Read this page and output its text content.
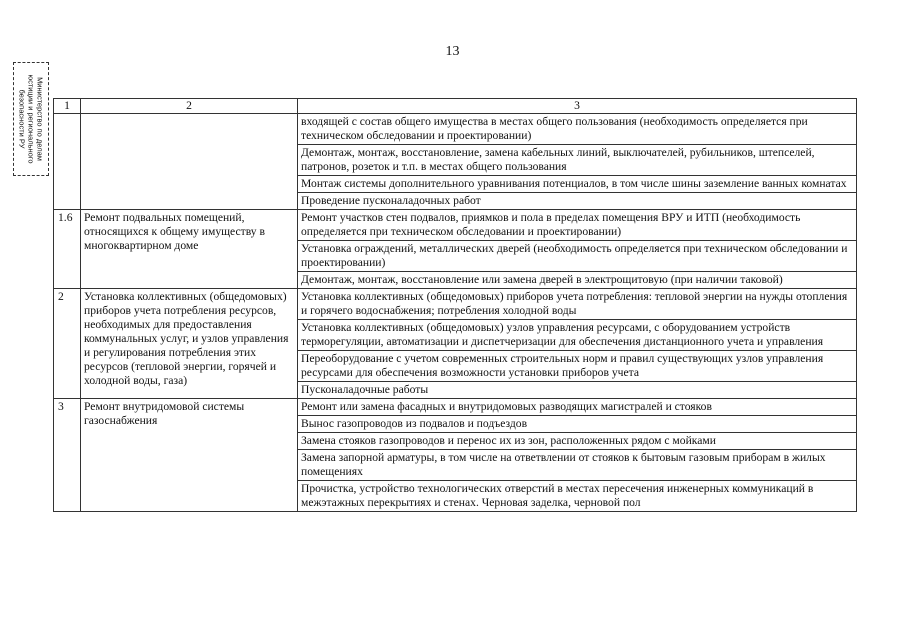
13
Министерство по делам
юстиции и регионального
безопасности РУ
1	2	3
		входящей с состав общего имущества в местах общего пользования (необходимость определяется при техническом обследовании и проектировании)
		Демонтаж, монтаж, восстановление, замена кабельных линий, выключателей, рубильников, штепселей, патронов, розеток и т.п. в местах общего пользования
		Монтаж системы дополнительного уравнивания потенциалов, в том числе шины заземление ванных комнатах
		Проведение пусконаладочных работ
1.6	Ремонт подвальных помещений, относящихся к общему имуществу в многоквартирном доме	Ремонт участков стен подвалов, приямков и пола в пределах помещения ВРУ и ИТП (необходимость определяется при техническом обследовании и проектировании)
		Установка ограждений, металлических дверей (необходимость определяется при техническом обследовании и проектировании)
		Демонтаж, монтаж, восстановление или замена дверей в электрощитовую (при наличии таковой)
2	Установка коллективных (общедомовых) приборов учета потребления ресурсов, необходимых для предоставления коммунальных услуг, и узлов управления и регулирования потребления этих ресурсов (тепловой энергии, горячей и холодной воды, газа)	Установка коллективных (общедомовых) приборов учета потребления: тепловой энергии на нужды отопления и горячего водоснабжения; потребления холодной воды
		Установка коллективных (общедомовых) узлов управления ресурсами, с оборудованием устройств терморегуляции, автоматизации и диспетчеризации для обеспечения дистанционного учета и управления
		Переоборудование с учетом современных строительных норм и правил существующих узлов управления ресурсами для обеспечения возможности установки приборов учета
		Пусконаладочные работы
3	Ремонт внутридомовой системы газоснабжения	Ремонт или замена фасадных и внутридомовых разводящих магистралей и стояков
		Вынос газопроводов из подвалов и подъездов
		Замена стояков газопроводов и перенос их из зон, расположенных рядом с мойками
		Замена запорной арматуры, в том числе на ответвлении от стояков к бытовым газовым приборам в жилых помещениях
		Прочистка, устройство технологических отверстий в местах пересечения инженерных коммуникаций в межэтажных перекрытиях и стенах. Черновая заделка, черновой пол
